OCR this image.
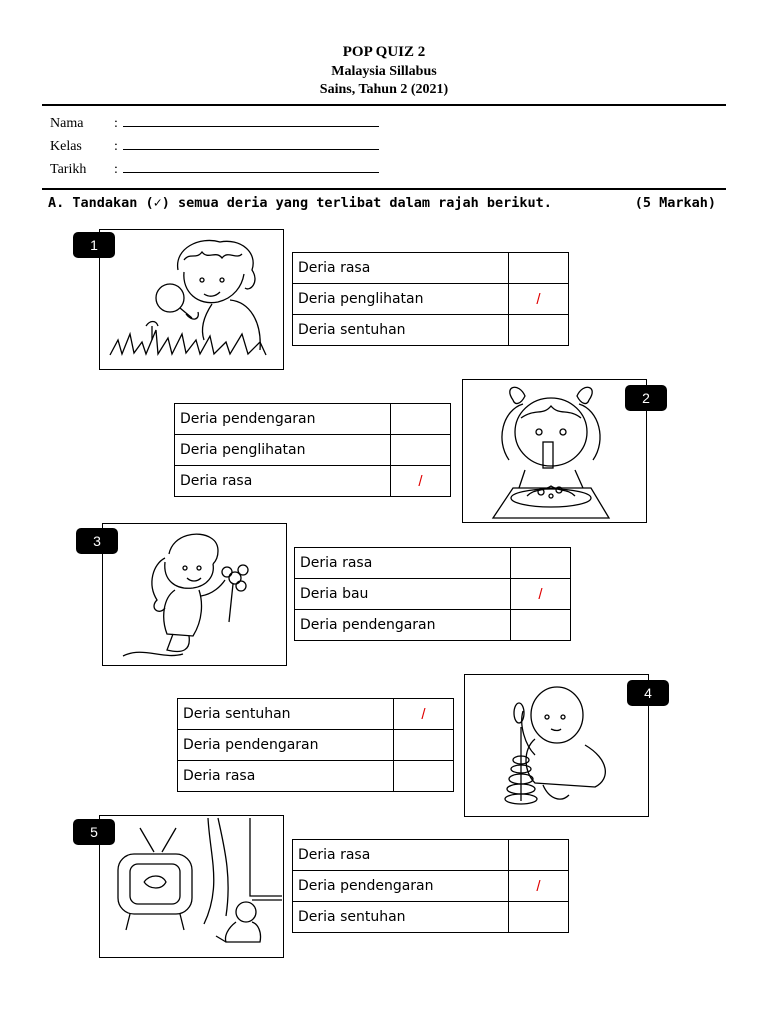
POP QUIZ 2
Malaysia Sillabus
Sains, Tahun 2 (2021)
Nama :
Kelas :
Tarikh :
A. Tandakan (✓) semua deria yang terlibat dalam rajah berikut.	(5 Markah)
1
Deria rasa	
Deria penglihatan	/
Deria sentuhan	
Deria pendengaran	
Deria penglihatan	
Deria rasa	/
2
3
Deria rasa	
Deria bau	/
Deria pendengaran	
Deria sentuhan	/
Deria pendengaran	
Deria rasa	
4
5
Deria rasa	
Deria pendengaran	/
Deria sentuhan	
